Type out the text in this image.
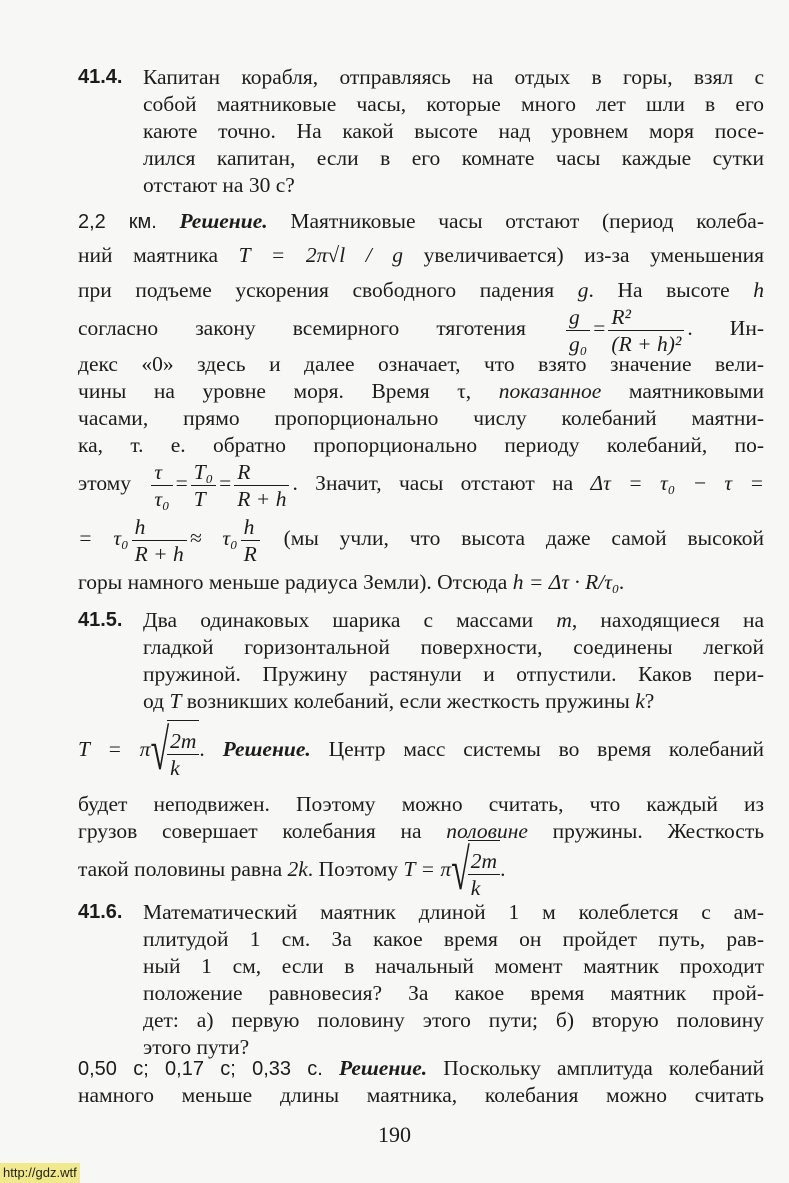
41.4. Капитан корабля, отправляясь на отдых в горы, взял с
собой маятниковые часы, которые много лет шли в его
каюте точно. На какой высоте над уровнем моря посе-
лился капитан, если в его комнате часы каждые сутки
отстают на 30 с?
2,2 км. Решение. Маятниковые часы отстают (период колеба-
ний маятника T = 2π√l / g увеличивается) из-за уменьшения
при подъеме ускорения свободного падения g. На высоте h
согласно закону всемирного тяготения $\frac{g}{\text{g₀}} = \frac{\text{R²}}{\text{(R + h)²}}$ . Ин-
декс «0» здесь и далее означает, что взято значение вели-
чины на уровне моря. Время τ, показанное маятниковыми
часами, прямо пропорционально числу колебаний маятни-
ка, т. е. обратно пропорционально периоду колебаний, по-
этому $\frac{\tau}{\text{τ₀}} = \frac{\text{T₀}}{T} = \frac{R}{R + h}$ . Значит, часы отстают на Δτ = τ₀ − τ =
= $\tau_0 \frac{h}{R + h} \approx \tau_0 \frac{h}{R} (мы$ учли, что высота даже самой высокой
горы намного меньше радиуса Земли). Отсюда h = Δτ · R/τ₀.
41.5. Два одинаковых шарика с массами m, находящиеся на
гладкой горизонтальной поверхности, соединены легкой
пружиной. Пружину растянули и отпустили. Каков пери-
од T возникших колебаний, если жесткость пружины k?
T = π√
$\frac{2m}{k}$ . Решение. Центр масс системы во время колебаний
будет неподвижен. Поэтому можно считать, что каждый из
грузов совершает колебания на половине пружины. Жесткость
такой половины равна 2k. Поэтому T = π√
$\frac{2m}{k}$ .
41.6. Математический маятник длиной 1 м колеблется с ам-
плитудой 1 см. За какое время он пройдет путь, рав-
ный 1 см, если в начальный момент маятник проходит
положение равновесия? За какое время маятник прой-
дет: а) первую половину этого пути; б) вторую половину
этого пути?
0,50 с; 0,17 с; 0,33 с. Решение. Поскольку амплитуда колебаний
намного меньше длины маятника, колебания можно считать
190
http://gdz.wtf
